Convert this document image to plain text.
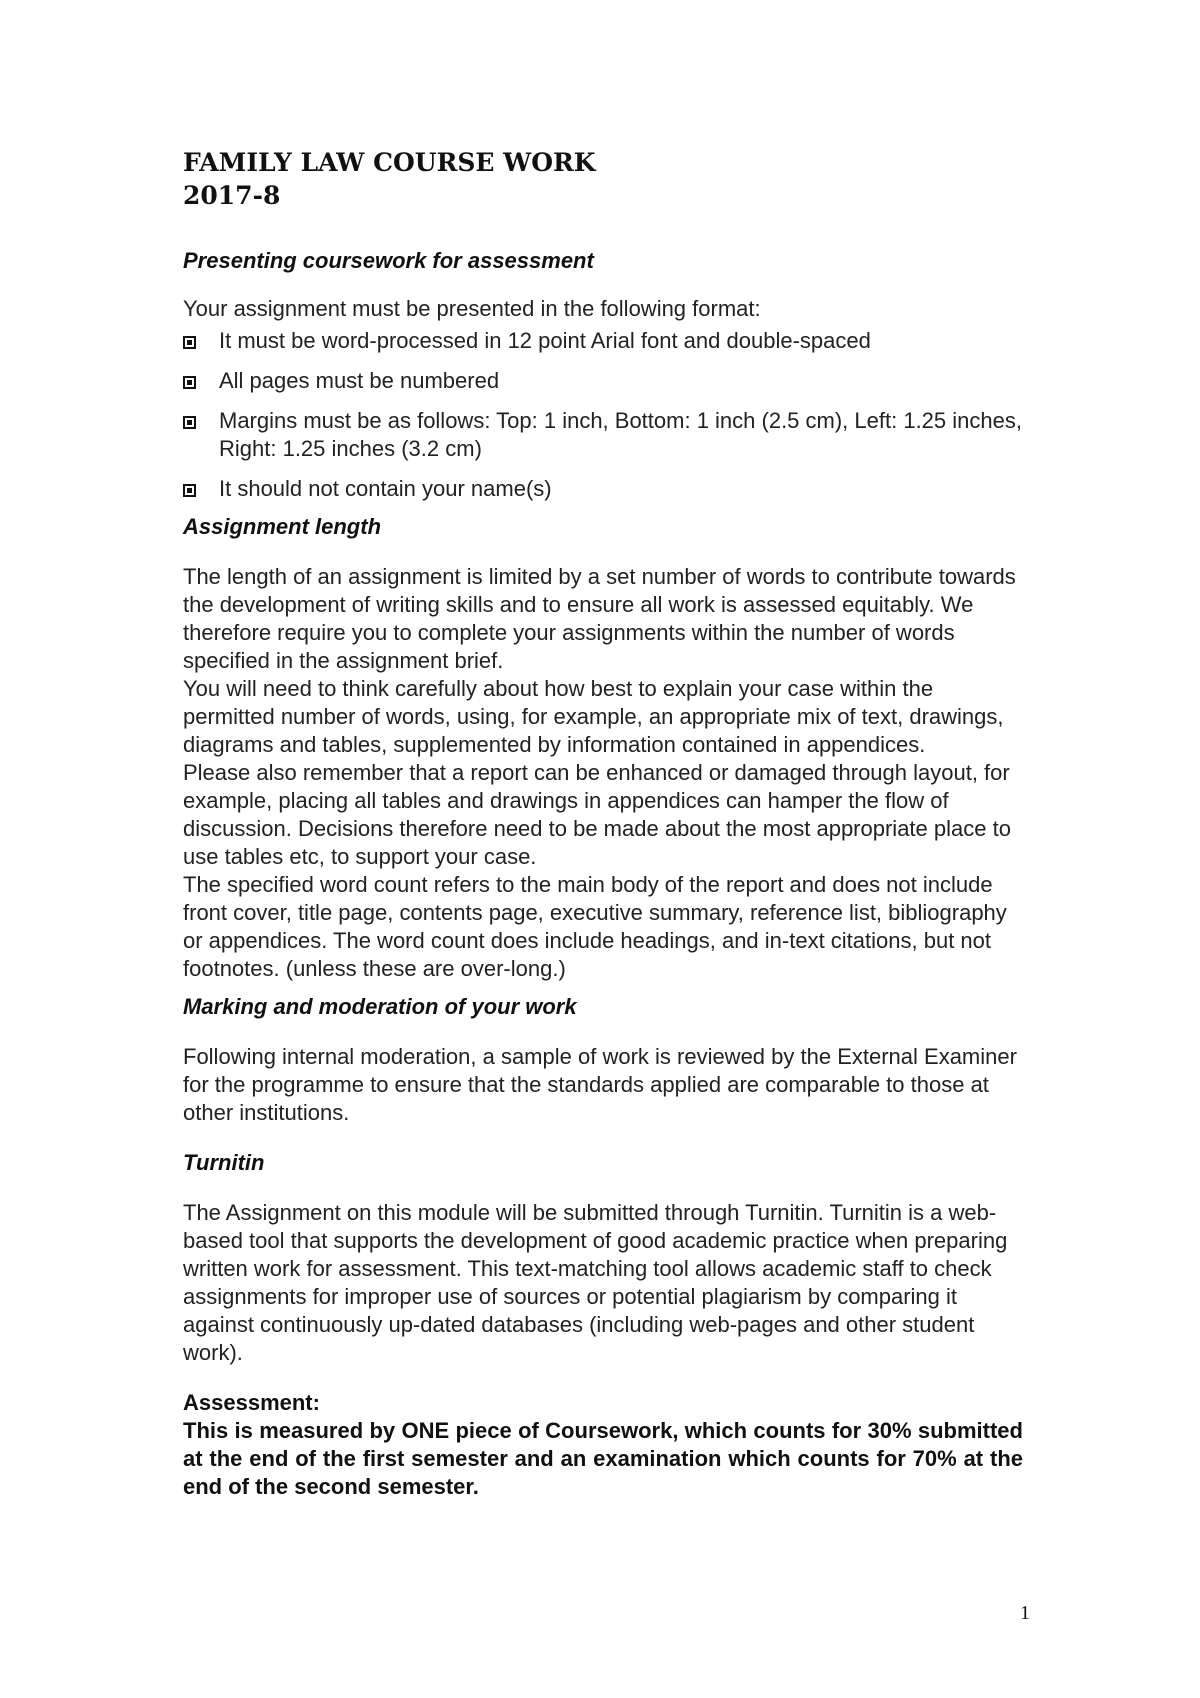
FAMILY LAW COURSE WORK

2017-8

Presenting coursework for assessment

Your assignment must be presented in the following format:

It must be word-processed in 12 point Arial font and double-spaced
All pages must be numbered
Margins must be as follows: Top: 1 inch, Bottom: 1 inch (2.5 cm), Left: 1.25 inches, Right: 1.25 inches (3.2 cm)
It should not contain your name(s)

Assignment length

The length of an assignment is limited by a set number of words to contribute towards the development of writing skills and to ensure all work is assessed equitably. We therefore require you to complete your assignments within the number of words specified in the assignment brief.

You will need to think carefully about how best to explain your case within the permitted number of words, using, for example, an appropriate mix of text, drawings, diagrams and tables, supplemented by information contained in appendices.

Please also remember that a report can be enhanced or damaged through layout, for example, placing all tables and drawings in appendices can hamper the flow of discussion. Decisions therefore need to be made about the most appropriate place to use tables etc, to support your case.

The specified word count refers to the main body of the report and does not include front cover, title page, contents page, executive summary, reference list, bibliography or appendices. The word count does include headings, and in-text citations, but not footnotes. (unless these are over-long.)

Marking and moderation of your work

Following internal moderation, a sample of work is reviewed by the External Examiner for the programme to ensure that the standards applied are comparable to those at other institutions.

Turnitin

The Assignment on this module will be submitted through Turnitin. Turnitin is a web-based tool that supports the development of good academic practice when preparing written work for assessment. This text-matching tool allows academic staff to check assignments for improper use of sources or potential plagiarism by comparing it against continuously up-dated databases (including web-pages and other student work).

Assessment:

This is measured by ONE piece of Coursework, which counts for 30% submitted at the end of the first semester and an examination which counts for 70% at the end of the second semester.

1
